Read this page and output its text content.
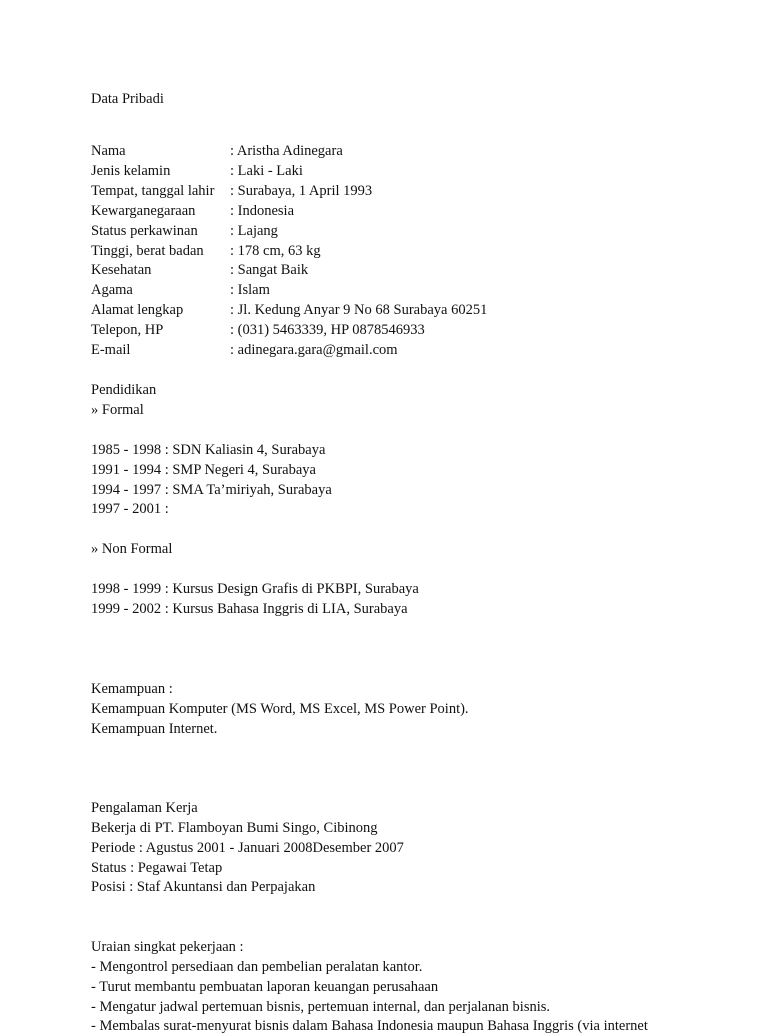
Data Pribadi
Nama	: Aristha Adinegara
Jenis kelamin	: Laki - Laki
Tempat, tanggal lahir : Surabaya, 1 April 1993
Kewarganegaraan : Indonesia
Status perkawinan : Lajang
Tinggi, berat badan : 178 cm, 63 kg
Kesehatan	: Sangat Baik
Agama	: Islam
Alamat lengkap	: Jl. Kedung Anyar 9 No 68 Surabaya 60251
Telepon, HP	: (031) 5463339, HP 0878546933
E-mail	: adinegara.gara@gmail.com
Pendidikan
» Formal
1985 - 1998 : SDN Kaliasin 4, Surabaya
1991 - 1994 : SMP Negeri 4, Surabaya
1994 - 1997 : SMA Ta’miriyah, Surabaya
1997 - 2001 :
» Non Formal
1998 - 1999 : Kursus Design Grafis di PKBPI, Surabaya
1999 - 2002 : Kursus Bahasa Inggris di LIA, Surabaya
Kemampuan :
Kemampuan Komputer (MS Word, MS Excel, MS Power Point).
Kemampuan Internet.
Pengalaman Kerja
Bekerja di PT. Flamboyan Bumi Singo, Cibinong
Periode : Agustus 2001 - Januari 2008Desember 2007
Status : Pegawai Tetap
Posisi : Staf Akuntansi dan Perpajakan
Uraian singkat pekerjaan :
- Mengontrol persediaan dan pembelian peralatan kantor.
- Turut membantu pembuatan laporan keuangan perusahaan
- Mengatur jadwal pertemuan bisnis, pertemuan internal, dan perjalanan bisnis.
- Membalas surat-menyurat bisnis dalam Bahasa Indonesia maupun Bahasa Inggris (via internet
